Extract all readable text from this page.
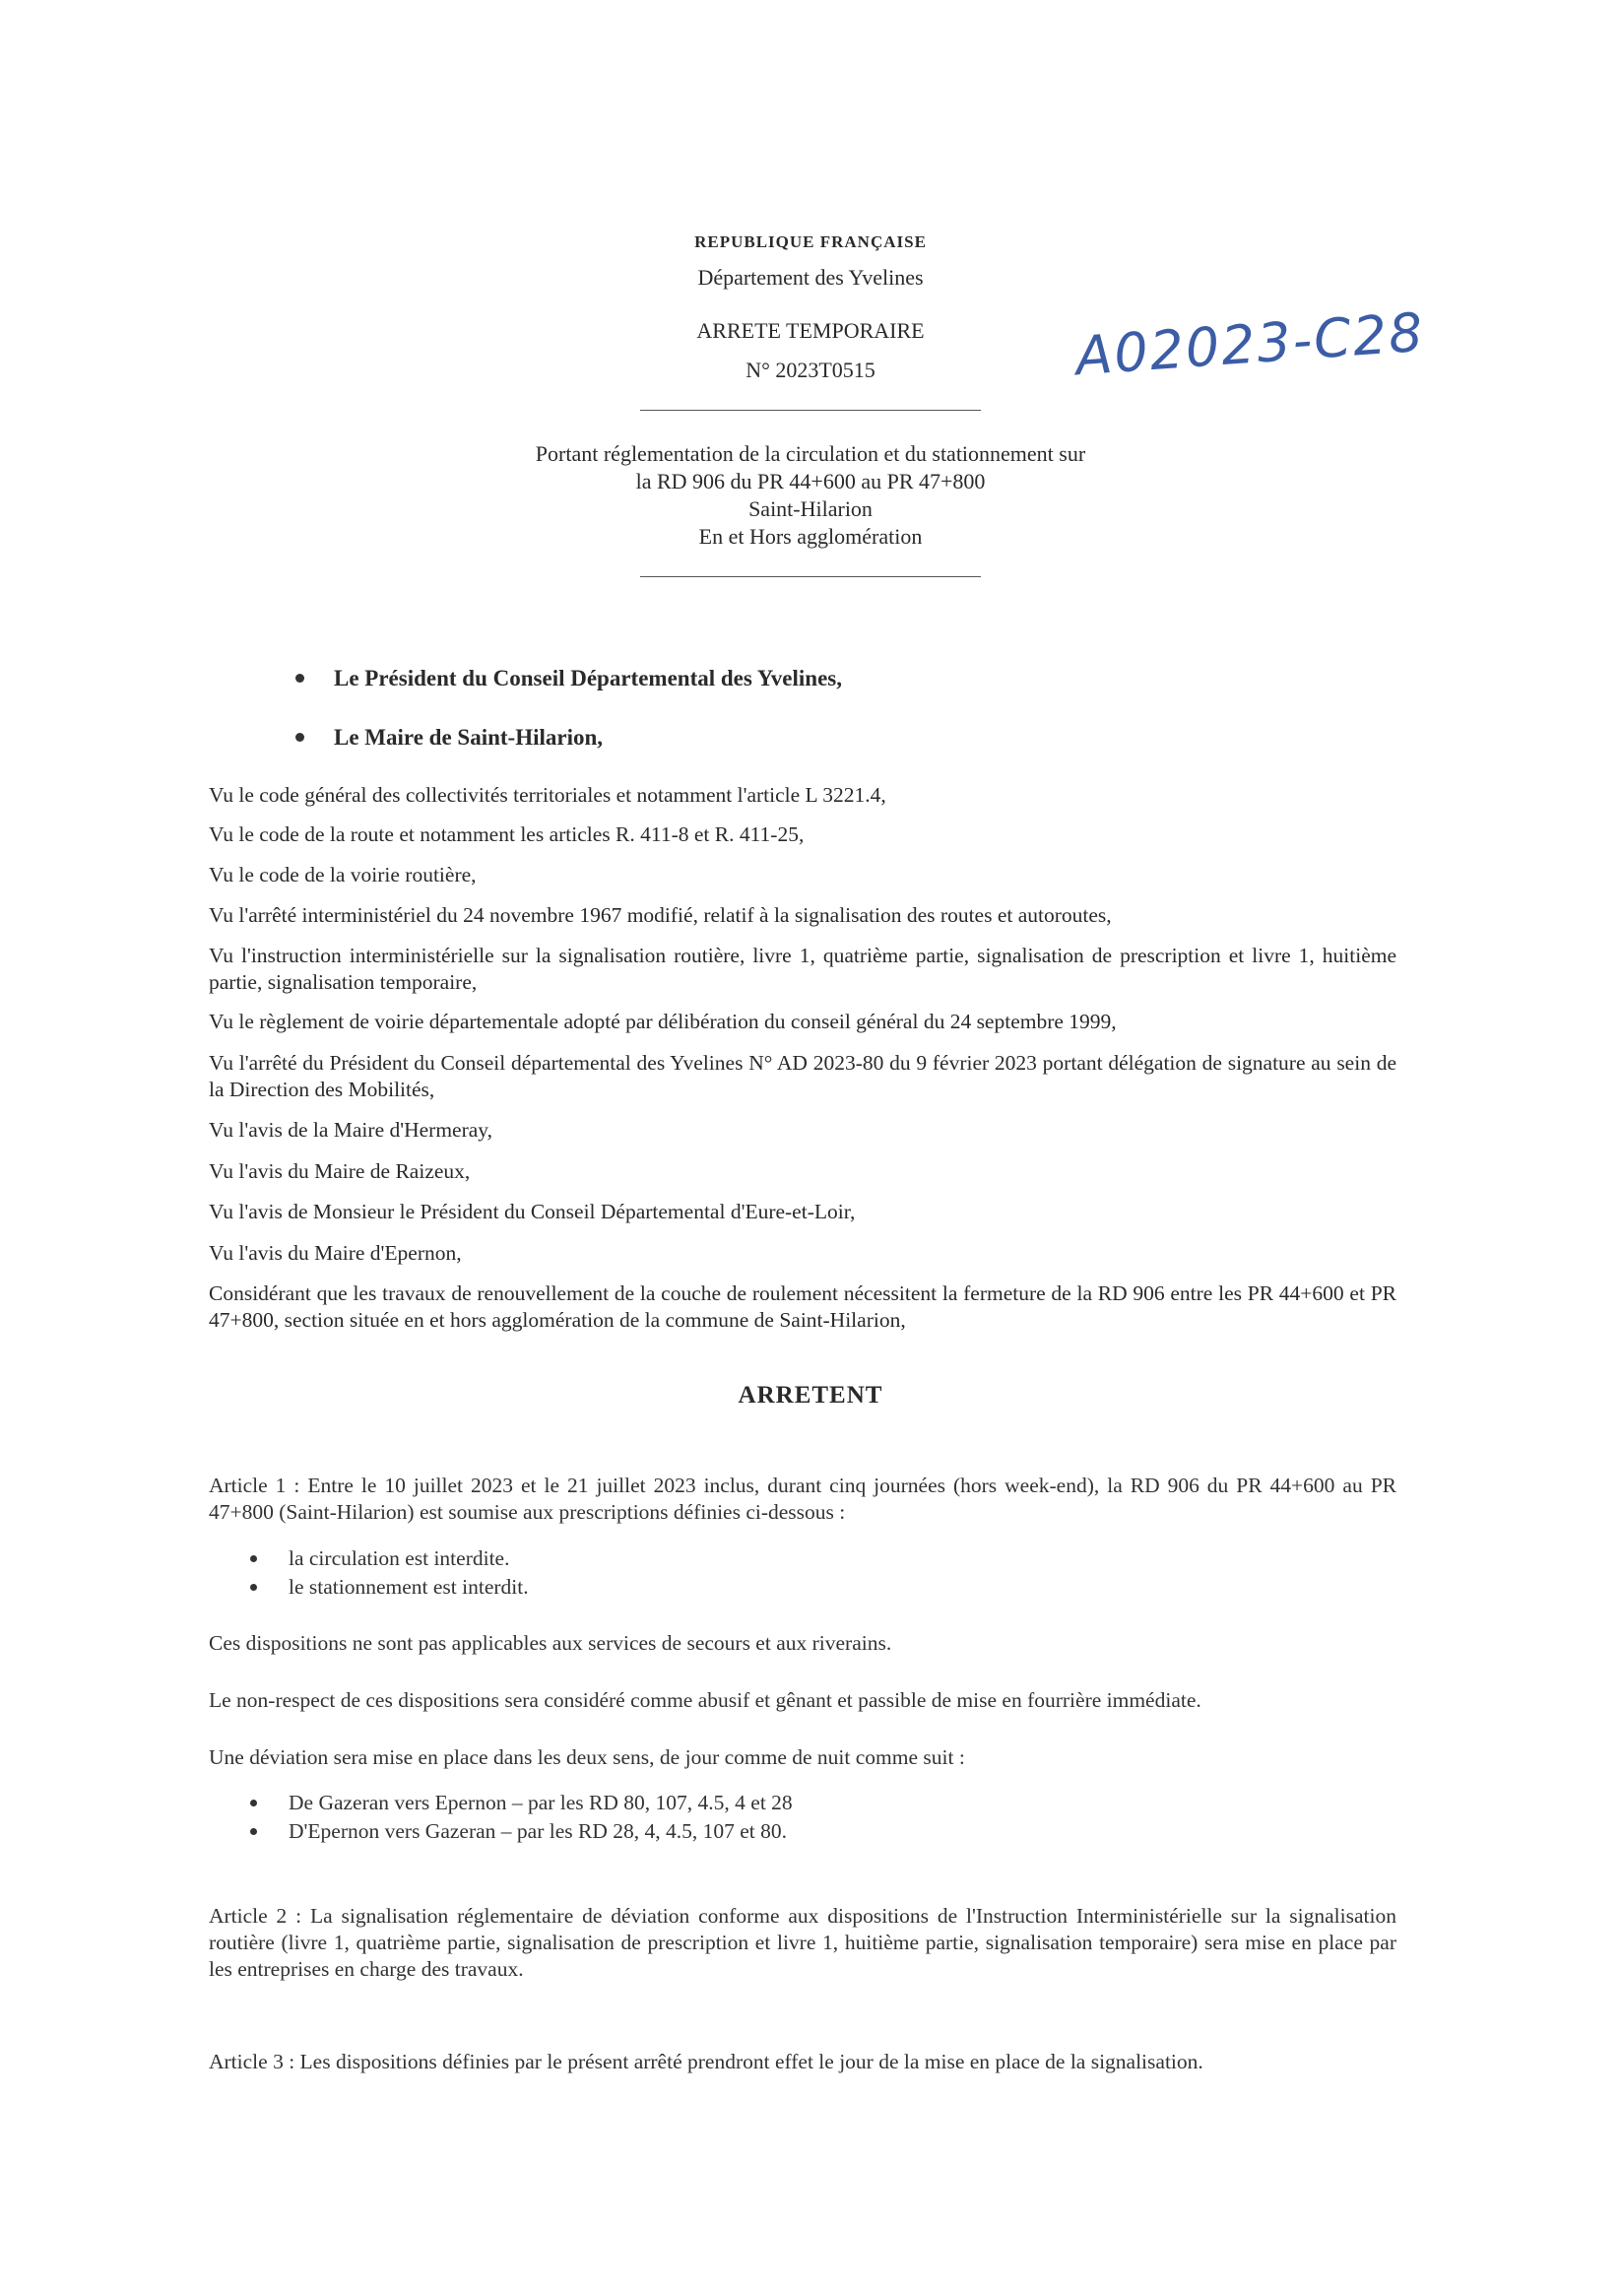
REPUBLIQUE FRANÇAISE
Département des Yvelines
ARRETE TEMPORAIRE
N° 2023T0515	A02023-C28
Portant réglementation de la circulation et du stationnement sur
la RD 906 du PR 44+600 au PR 47+800
Saint-Hilarion
En et Hors agglomération
Le Président du Conseil Départemental des Yvelines,
Le Maire de Saint-Hilarion,
Vu le code général des collectivités territoriales et notamment l'article L 3221.4,
Vu le code de la route et notamment les articles R. 411-8 et R. 411-25,
Vu le code de la voirie routière,
Vu l'arrêté interministériel du 24 novembre 1967 modifié, relatif à la signalisation des routes et autoroutes,
Vu l'instruction interministérielle sur la signalisation routière, livre 1, quatrième partie, signalisation de prescription et livre 1, huitième partie, signalisation temporaire,
Vu le règlement de voirie départementale adopté par délibération du conseil général du 24 septembre 1999,
Vu l'arrêté du Président du Conseil départemental des Yvelines N° AD 2023-80 du 9 février 2023 portant délégation de signature au sein de la Direction des Mobilités,
Vu l'avis de la Maire d'Hermeray,
Vu l'avis du Maire de Raizeux,
Vu l'avis de Monsieur le Président du Conseil Départemental d'Eure-et-Loir,
Vu l'avis du Maire d'Epernon,
Considérant que les travaux de renouvellement de la couche de roulement nécessitent la fermeture de la RD 906 entre les PR 44+600 et PR 47+800, section située en et hors agglomération de la commune de Saint-Hilarion,
ARRETENT
Article 1 : Entre le 10 juillet 2023 et le 21 juillet 2023 inclus, durant cinq journées (hors week-end), la RD 906 du PR 44+600 au PR 47+800 (Saint-Hilarion) est soumise aux prescriptions définies ci-dessous :
la circulation est interdite.
le stationnement est interdit.
Ces dispositions ne sont pas applicables aux services de secours et aux riverains.
Le non-respect de ces dispositions sera considéré comme abusif et gênant et passible de mise en fourrière immédiate.
Une déviation sera mise en place dans les deux sens, de jour comme de nuit comme suit :
De Gazeran vers Epernon – par les RD 80, 107, 4.5, 4 et 28
D'Epernon vers Gazeran – par les RD 28, 4, 4.5, 107 et 80.
Article 2 : La signalisation réglementaire de déviation conforme aux dispositions de l'Instruction Interministérielle sur la signalisation routière (livre 1, quatrième partie, signalisation de prescription et livre 1, huitième partie, signalisation temporaire) sera mise en place par les entreprises en charge des travaux.
Article 3 : Les dispositions définies par le présent arrêté prendront effet le jour de la mise en place de la signalisation.
